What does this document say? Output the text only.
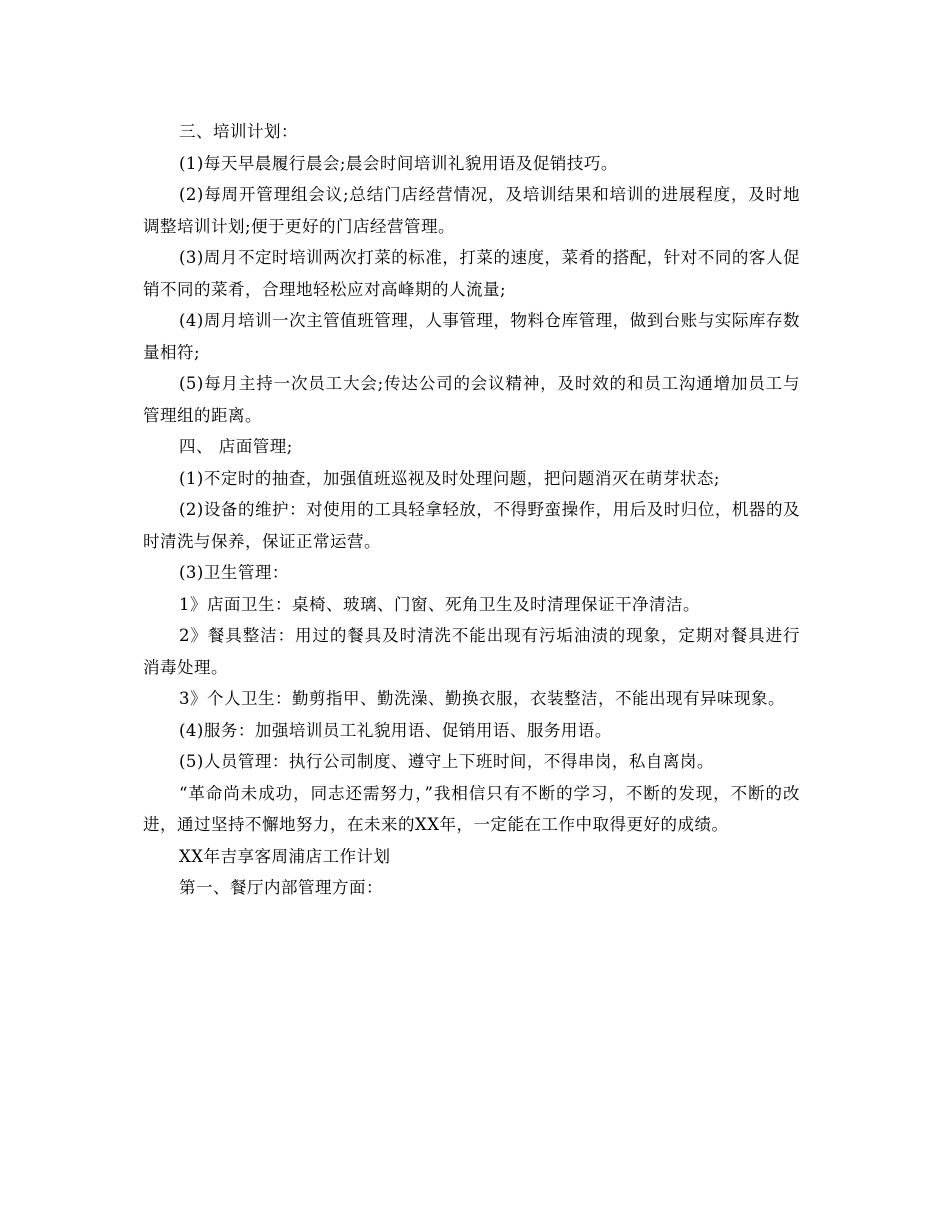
三、培训计划：

(1)每天早晨履行晨会;晨会时间培训礼貌用语及促销技巧。

(2)每周开管理组会议;总结门店经营情况，及培训结果和培训的进展程度，及时地调整培训计划;便于更好的门店经营管理。

(3)周月不定时培训两次打菜的标准，打菜的速度，菜肴的搭配，针对不同的客人促销不同的菜肴，合理地轻松应对高峰期的人流量;

(4)周月培训一次主管值班管理，人事管理，物料仓库管理，做到台账与实际库存数量相符;

(5)每月主持一次员工大会;传达公司的会议精神，及时效的和员工沟通增加员工与管理组的距离。

四、 店面管理;

(1)不定时的抽查，加强值班巡视及时处理问题，把问题消灭在萌芽状态;

(2)设备的维护：对使用的工具轻拿轻放，不得野蛮操作，用后及时归位，机器的及时清洗与保养，保证正常运营。

(3)卫生管理：

1》店面卫生：桌椅、玻璃、门窗、死角卫生及时清理保证干净清洁。

2》餐具整洁：用过的餐具及时清洗不能出现有污垢油渍的现象，定期对餐具进行消毒处理。

3》个人卫生：勤剪指甲、勤洗澡、勤换衣服，衣装整洁，不能出现有异味现象。

(4)服务：加强培训员工礼貌用语、促销用语、服务用语。

(5)人员管理：执行公司制度、遵守上下班时间，不得串岗，私自离岗。

“革命尚未成功，同志还需努力，”我相信只有不断的学习，不断的发现，不断的改进，通过坚持不懈地努力，在未来的XX年，一定能在工作中取得更好的成绩。

XX年吉享客周浦店工作计划

第一、餐厅内部管理方面：
